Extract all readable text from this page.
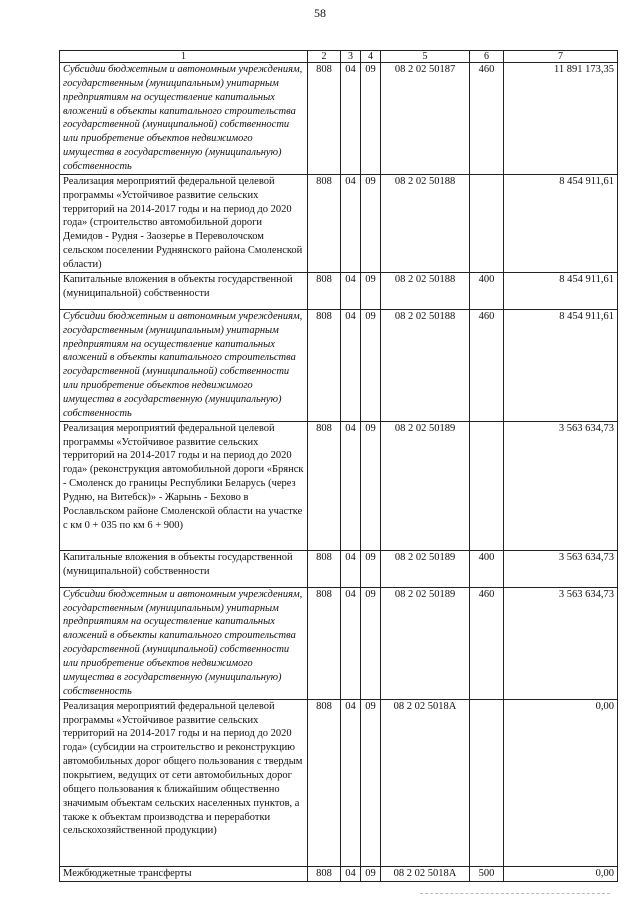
58
1	2	3	4	5	6	7
Субсидии бюджетным и автономным учреждениям, государственным (муниципальным) унитарным предприятиям на осуществление капитальных вложений в объекты капитального строительства государственной (муниципальной) собственности или приобретение объектов недвижимого имущества в государственную (муниципальную) собственность	808	04	09	08 2 02 50187	460	11 891 173,35
Реализация мероприятий федеральной целевой программы «Устойчивое развитие сельских территорий на 2014-2017 годы и на период до 2020 года» (строительство автомобильной дороги Демидов - Рудня - Заозерье в Переволочском сельском поселении Руднянского района Смоленской области)	808	04	09	08 2 02 50188		8 454 911,61
Капитальные вложения в объекты государственной (муниципальной) собственности	808	04	09	08 2 02 50188	400	8 454 911,61
Субсидии бюджетным и автономным учреждениям, государственным (муниципальным) унитарным предприятиям на осуществление капитальных вложений в объекты капитального строительства государственной (муниципальной) собственности или приобретение объектов недвижимого имущества в государственную (муниципальную) собственность	808	04	09	08 2 02 50188	460	8 454 911,61
Реализация мероприятий федеральной целевой программы «Устойчивое развитие сельских территорий на 2014-2017 годы и на период до 2020 года» (реконструкция автомобильной дороги «Брянск - Смоленск до границы Республики Беларусь (через Рудню, на Витебск)» - Жарынь - Бехово в Рославльском районе Смоленской области на участке с км 0 + 035 по км 6 + 900)	808	04	09	08 2 02 50189		3 563 634,73
Капитальные вложения в объекты государственной (муниципальной) собственности	808	04	09	08 2 02 50189	400	3 563 634,73
Субсидии бюджетным и автономным учреждениям, государственным (муниципальным) унитарным предприятиям на осуществление капитальных вложений в объекты капитального строительства государственной (муниципальной) собственности или приобретение объектов недвижимого имущества в государственную (муниципальную) собственность	808	04	09	08 2 02 50189	460	3 563 634,73
Реализация мероприятий федеральной целевой программы «Устойчивое развитие сельских территорий на 2014-2017 годы и на период до 2020 года» (субсидии на строительство и реконструкцию автомобильных дорог общего пользования с твердым покрытием, ведущих от сети автомобильных дорог общего пользования к ближайшим общественно значимым объектам сельских населенных пунктов, а также к объектам производства и переработки сельскохозяйственной продукции)	808	04	09	08 2 02 5018А		0,00
Межбюджетные трансферты	808	04	09	08 2 02 5018А	500	0,00
